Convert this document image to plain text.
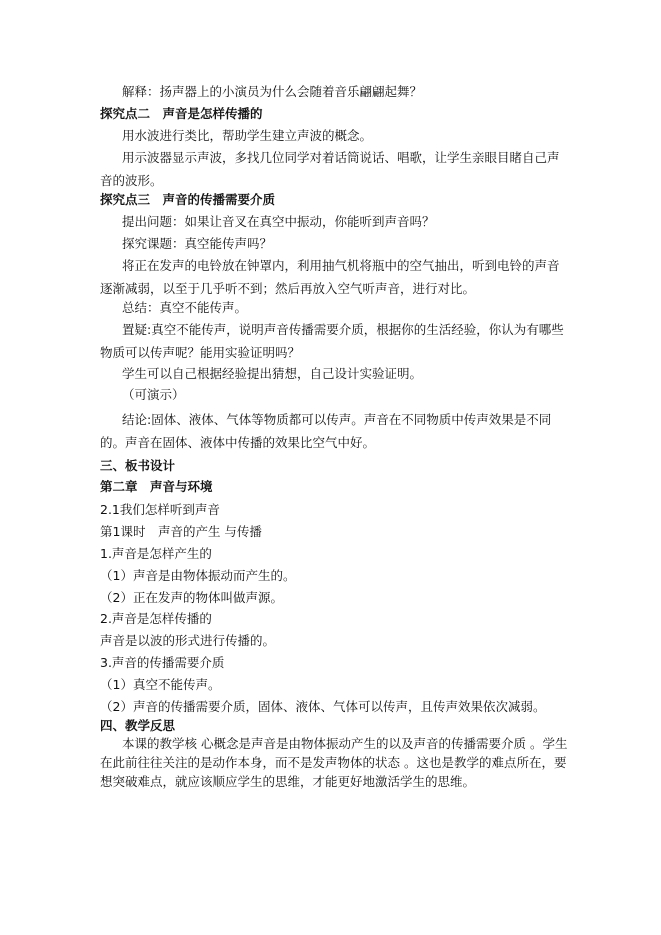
解释：扬声器上的小演员为什么会随着音乐翩翩起舞？
探究点二　声音是怎样传播的
用水波进行类比，帮助学生建立声波的概念。
用示波器显示声波，多找几位同学对着话筒说话、唱歌，让学生亲眼目睹自己声音的波形。
探究点三　声音的传播需要介质
提出问题：如果让音叉在真空中振动，你能听到声音吗？
探究课题：真空能传声吗？
将正在发声的电铃放在钟罩内，利用抽气机将瓶中的空气抽出，听到电铃的声音逐渐减弱，以至于几乎听不到；然后再放入空气听声音，进行对比。
总结：真空不能传声。
置疑:真空不能传声，说明声音传播需要介质，根据你的生活经验，你认为有哪些物质可以传声呢？能用实验证明吗？
学生可以自己根据经验提出猜想，自己设计实验证明。
（可演示）
结论:固体、液体、气体等物质都可以传声。声音在不同物质中传声效果是不同的。声音在固体、液体中传播的效果比空气中好。
三、板书设计
第二章　声音与环境
2.1我们怎样听到声音
第1课时　声音的产生 与传播
1.声音是怎样产生的
（1）声音是由物体振动而产生的。
（2）正在发声的物体叫做声源。
2.声音是怎样传播的
声音是以波的形式进行传播的。
3.声音的传播需要介质
（1）真空不能传声。
（2）声音的传播需要介质，固体、液体、气体可以传声，且传声效果依次减弱。
四、教学反思
本课的教学核 心概念是声音是由物体振动产生的以及声音的传播需要介质 。学生在此前往往关注的是动作本身，而不是发声物体的状态 。这也是教学的难点所在，要想突破难点，就应该顺应学生的思维，才能更好地激活学生的思维。
